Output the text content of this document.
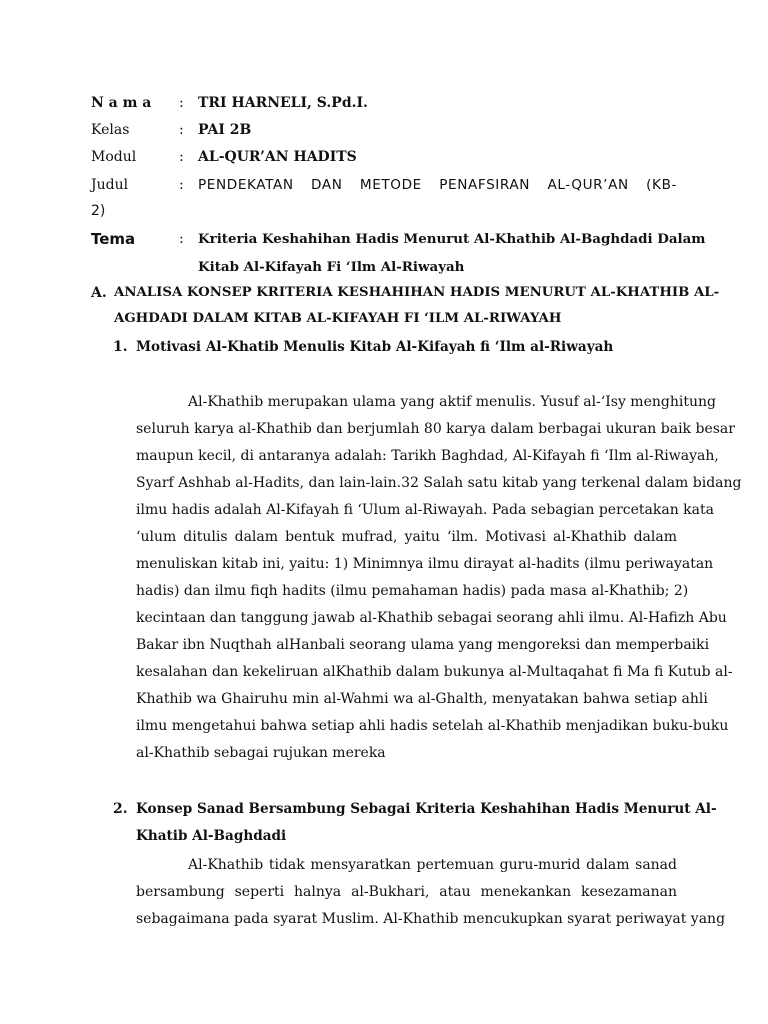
N a m a : TRI HARNELI, S.Pd.I.
Kelas	: PAI 2B
Modul	: AL-QUR’AN HADITS
Judul	: PENDEKATAN DAN METODE PENAFSIRAN AL-QUR’AN (KB-
2)
Tema	: Kriteria Keshahihan Hadis Menurut Al-Khathib Al-Baghdadi Dalam
Kitab Al-Kifayah Fi ‘Ilm Al-Riwayah
A. ANALISA KONSEP KRITERIA KESHAHIHAN HADIS MENURUT AL-KHATHIB AL-
AGHDADI DALAM KITAB AL-KIFAYAH FI ‘ILM AL-RIWAYAH
1. Motivasi Al-Khatib Menulis Kitab Al-Kifayah fi ‘Ilm al-Riwayah
Al-Khathib merupakan ulama yang aktif menulis. Yusuf al-‘Isy menghitung
seluruh karya al-Khathib dan berjumlah 80 karya dalam berbagai ukuran baik besar
maupun kecil, di antaranya adalah: Tarikh Baghdad, Al-Kifayah fi ‘Ilm al-Riwayah,
Syarf Ashhab al-Hadits, dan lain-lain.32 Salah satu kitab yang terkenal dalam bidang
ilmu hadis adalah Al-Kifayah fi ‘Ulum al-Riwayah. Pada sebagian percetakan kata
‘ulum ditulis dalam bentuk mufrad, yaitu ‘ilm. Motivasi al-Khathib dalam
menuliskan kitab ini, yaitu: 1) Minimnya ilmu dirayat al-hadits (ilmu periwayatan
hadis) dan ilmu fiqh hadits (ilmu pemahaman hadis) pada masa al-Khathib; 2)
kecintaan dan tanggung jawab al-Khathib sebagai seorang ahli ilmu. Al-Hafizh Abu
Bakar ibn Nuqthah alHanbali seorang ulama yang mengoreksi dan memperbaiki
kesalahan dan kekeliruan alKhathib dalam bukunya al-Multaqahat fi Ma fi Kutub al-
Khathib wa Ghairuhu min al-Wahmi wa al-Ghalth, menyatakan bahwa setiap ahli
ilmu mengetahui bahwa setiap ahli hadis setelah al-Khathib menjadikan buku-buku
al-Khathib sebagai rujukan mereka
2. Konsep Sanad Bersambung Sebagai Kriteria Keshahihan Hadis Menurut Al-
Khatib Al-Baghdadi
Al-Khathib tidak mensyaratkan pertemuan guru-murid dalam sanad
bersambung seperti halnya al-Bukhari, atau menekankan kesezamanan
sebagaimana pada syarat Muslim. Al-Khathib mencukupkan syarat periwayat yang
